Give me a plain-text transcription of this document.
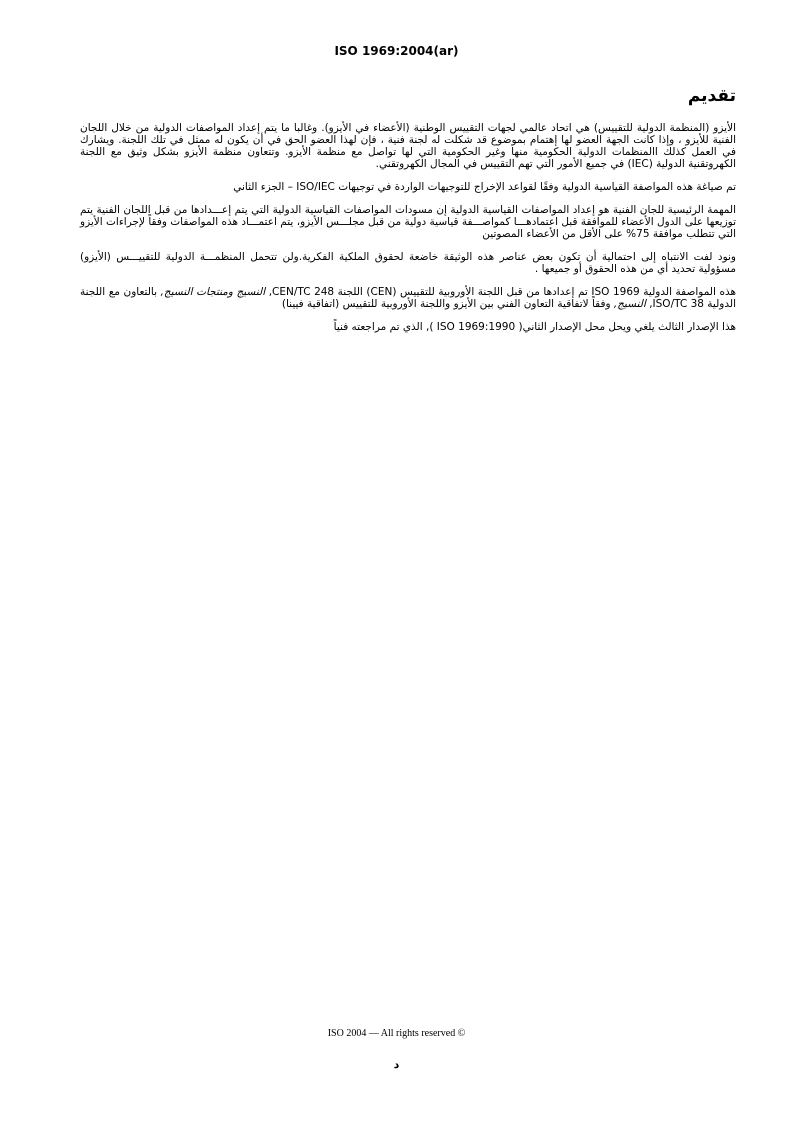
ISO 1969:2004(ar)
تقديم

الأيزو (المنظمة الدولية للتقييس) هي اتحاد عالمي لجهات التقييس الوطنية (الأعضاء في الأيزو). وغالبا ما يتم إعداد المواصفات الدولية من خلال اللجان الفنية للأيزو ، وإذا كانت الجهة العضو لها إهتمام بموضوع قد شكلت له لجنة فنية ، فإن لهذا العضو الحق في أن يكون له ممثل في تلك اللجنة. ويشارك في العمل كذلك االمنظمات الدولية الحكومية منها وغير الحكومية التي لها تواصل مع منظمة الأيزو. وتتعاون منظمة الأيزو بشكل وثيق مع اللجنة الكهروتقنية الدولية (IEC) في جميع الأمور التي تهم التقييس في المجال الكهروتقني.

تم صياغة هذه المواصفة القياسية الدولية وفقًا لقواعد الإخراج للتوجيهات الواردة في توجيهات ISO/IEC – الجزء الثاني

المهمة الرئيسية للجان الفنية هو إعداد المواصفات القياسية الدولية إن مسودات المواصفات القياسية الدولية التي يتم إعـــدادها من قبل اللجان الفنية يتم توزيعها على الدول الأعضاء للموافقة قبل اعتمادهـــا كمواصـــفة قياسية دولية من قبل مجلـــس الأيزو، يتم اعتمـــاد هذه المواصفات وفقاً لإجراءات الأيزو التي تتطلب موافقة 75% على الأقل من الأعضاء المصوتين

ونود لفت الانتباه إلى احتمالية أن تكون بعض عناصر هذه الوثيقة خاضعة لحقوق الملكية الفكرية.ولن تتحمل المنظمـــة الدولية للتقييـــس (الأيزو) مسؤولية تحديد أي من هذه الحقوق أو جميعها .

هذه المواصفة الدولية ISO 1969 تم إعدادها من قبل اللجنة الأوروبية للتقييس (CEN) اللجنة CEN/TC 248, النسيج ومنتجات النسيج, بالتعاون مع اللجنة الدولية ISO/TC 38, النسيج, وفقاً لاتفاقية التعاون الفني بين الأيزو واللجنة الأوروبية للتقييس (اتفاقية فيينا)

هذا الإصدار الثالث يلغي ويحل محل الإصدار الثاني( ISO 1969:1990 ), الذي تم مراجعته فنياً

ISO 2004 — All rights reserved ©
د
